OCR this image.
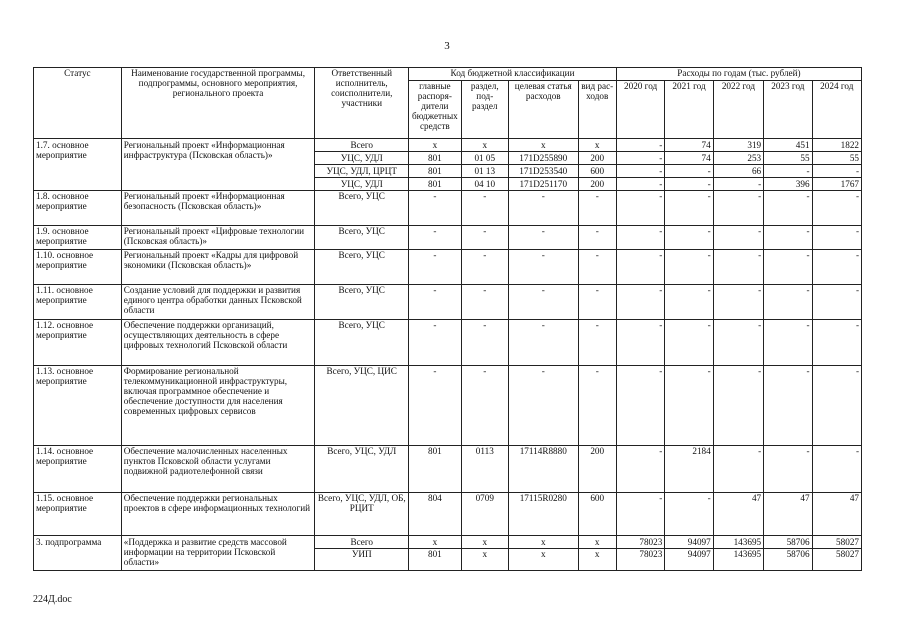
3
Статус	Наименование государственной программы, подпрограммы, основного мероприятия, регионального проекта	Ответственный исполнитель, соисполнители, участники	Код бюджетной классификации				Расходы по годам (тыс. рублей)				
			главные распоря-дители бюджетных средств	раздел, под-раздел	целевая статья расходов	вид рас-ходов	2020 год	2021 год	2022 год	2023 год	2024 год
1.7. основное мероприятие	Региональный проект «Информационная инфраструктура (Псковская область)»	Всего	х	х	х	х	-	74	319	451	1822
		УЦС, УДЛ	801	01 05	171D255890	200	-	74	253	55	55
		УЦС, УДЛ, ЦРЦТ	801	01 13	171D253540	600	-	-	66	-	-
		УЦС, УДЛ	801	04 10	171D251170	200	-	-	-	396	1767
1.8. основное мероприятие	Региональный проект «Информационная безопасность (Псковская область)»	Всего, УЦС	-	-	-	-	-	-	-	-	-
1.9. основное мероприятие	Региональный проект «Цифровые технологии (Псковская область)»	Всего, УЦС	-	-	-	-	-	-	-	-	-
1.10. основное мероприятие	Региональный проект «Кадры для цифровой экономики (Псковская область)»	Всего, УЦС	-	-	-	-	-	-	-	-	-
1.11. основное мероприятие	Создание условий для поддержки и развития единого центра обработки данных Псковской области	Всего, УЦС	-	-	-	-	-	-	-	-	-
1.12. основное мероприятие	Обеспечение поддержки организаций, осуществляющих деятельность в сфере цифровых технологий Псковской области	Всего, УЦС	-	-	-	-	-	-	-	-	-
1.13. основное мероприятие	Формирование региональной телекоммуникационной инфраструктуры, включая программное обеспечение и обеспечение доступности для населения современных цифровых сервисов	Всего, УЦС, ЦИС	-	-	-	-	-	-	-	-	-
1.14. основное мероприятие	Обеспечение малочисленных населенных пунктов Псковской области услугами подвижной радиотелефонной связи	Всего, УЦС, УДЛ	801	0113	17114R8880	200	-	2184	-	-	-
1.15. основное мероприятие	Обеспечение поддержки региональных проектов в сфере информационных технологий	Всего, УЦС, УДЛ, ОБ, РЦИТ	804	0709	17115R0280	600	-	-	47	47	47
3. подпрограмма	«Поддержка и развитие средств массовой информации на территории Псковской области»	Всего	х	х	х	х	78023	94097	143695	58706	58027
		УИП	801	х	х	х	78023	94097	143695	58706	58027
224Д.doc
